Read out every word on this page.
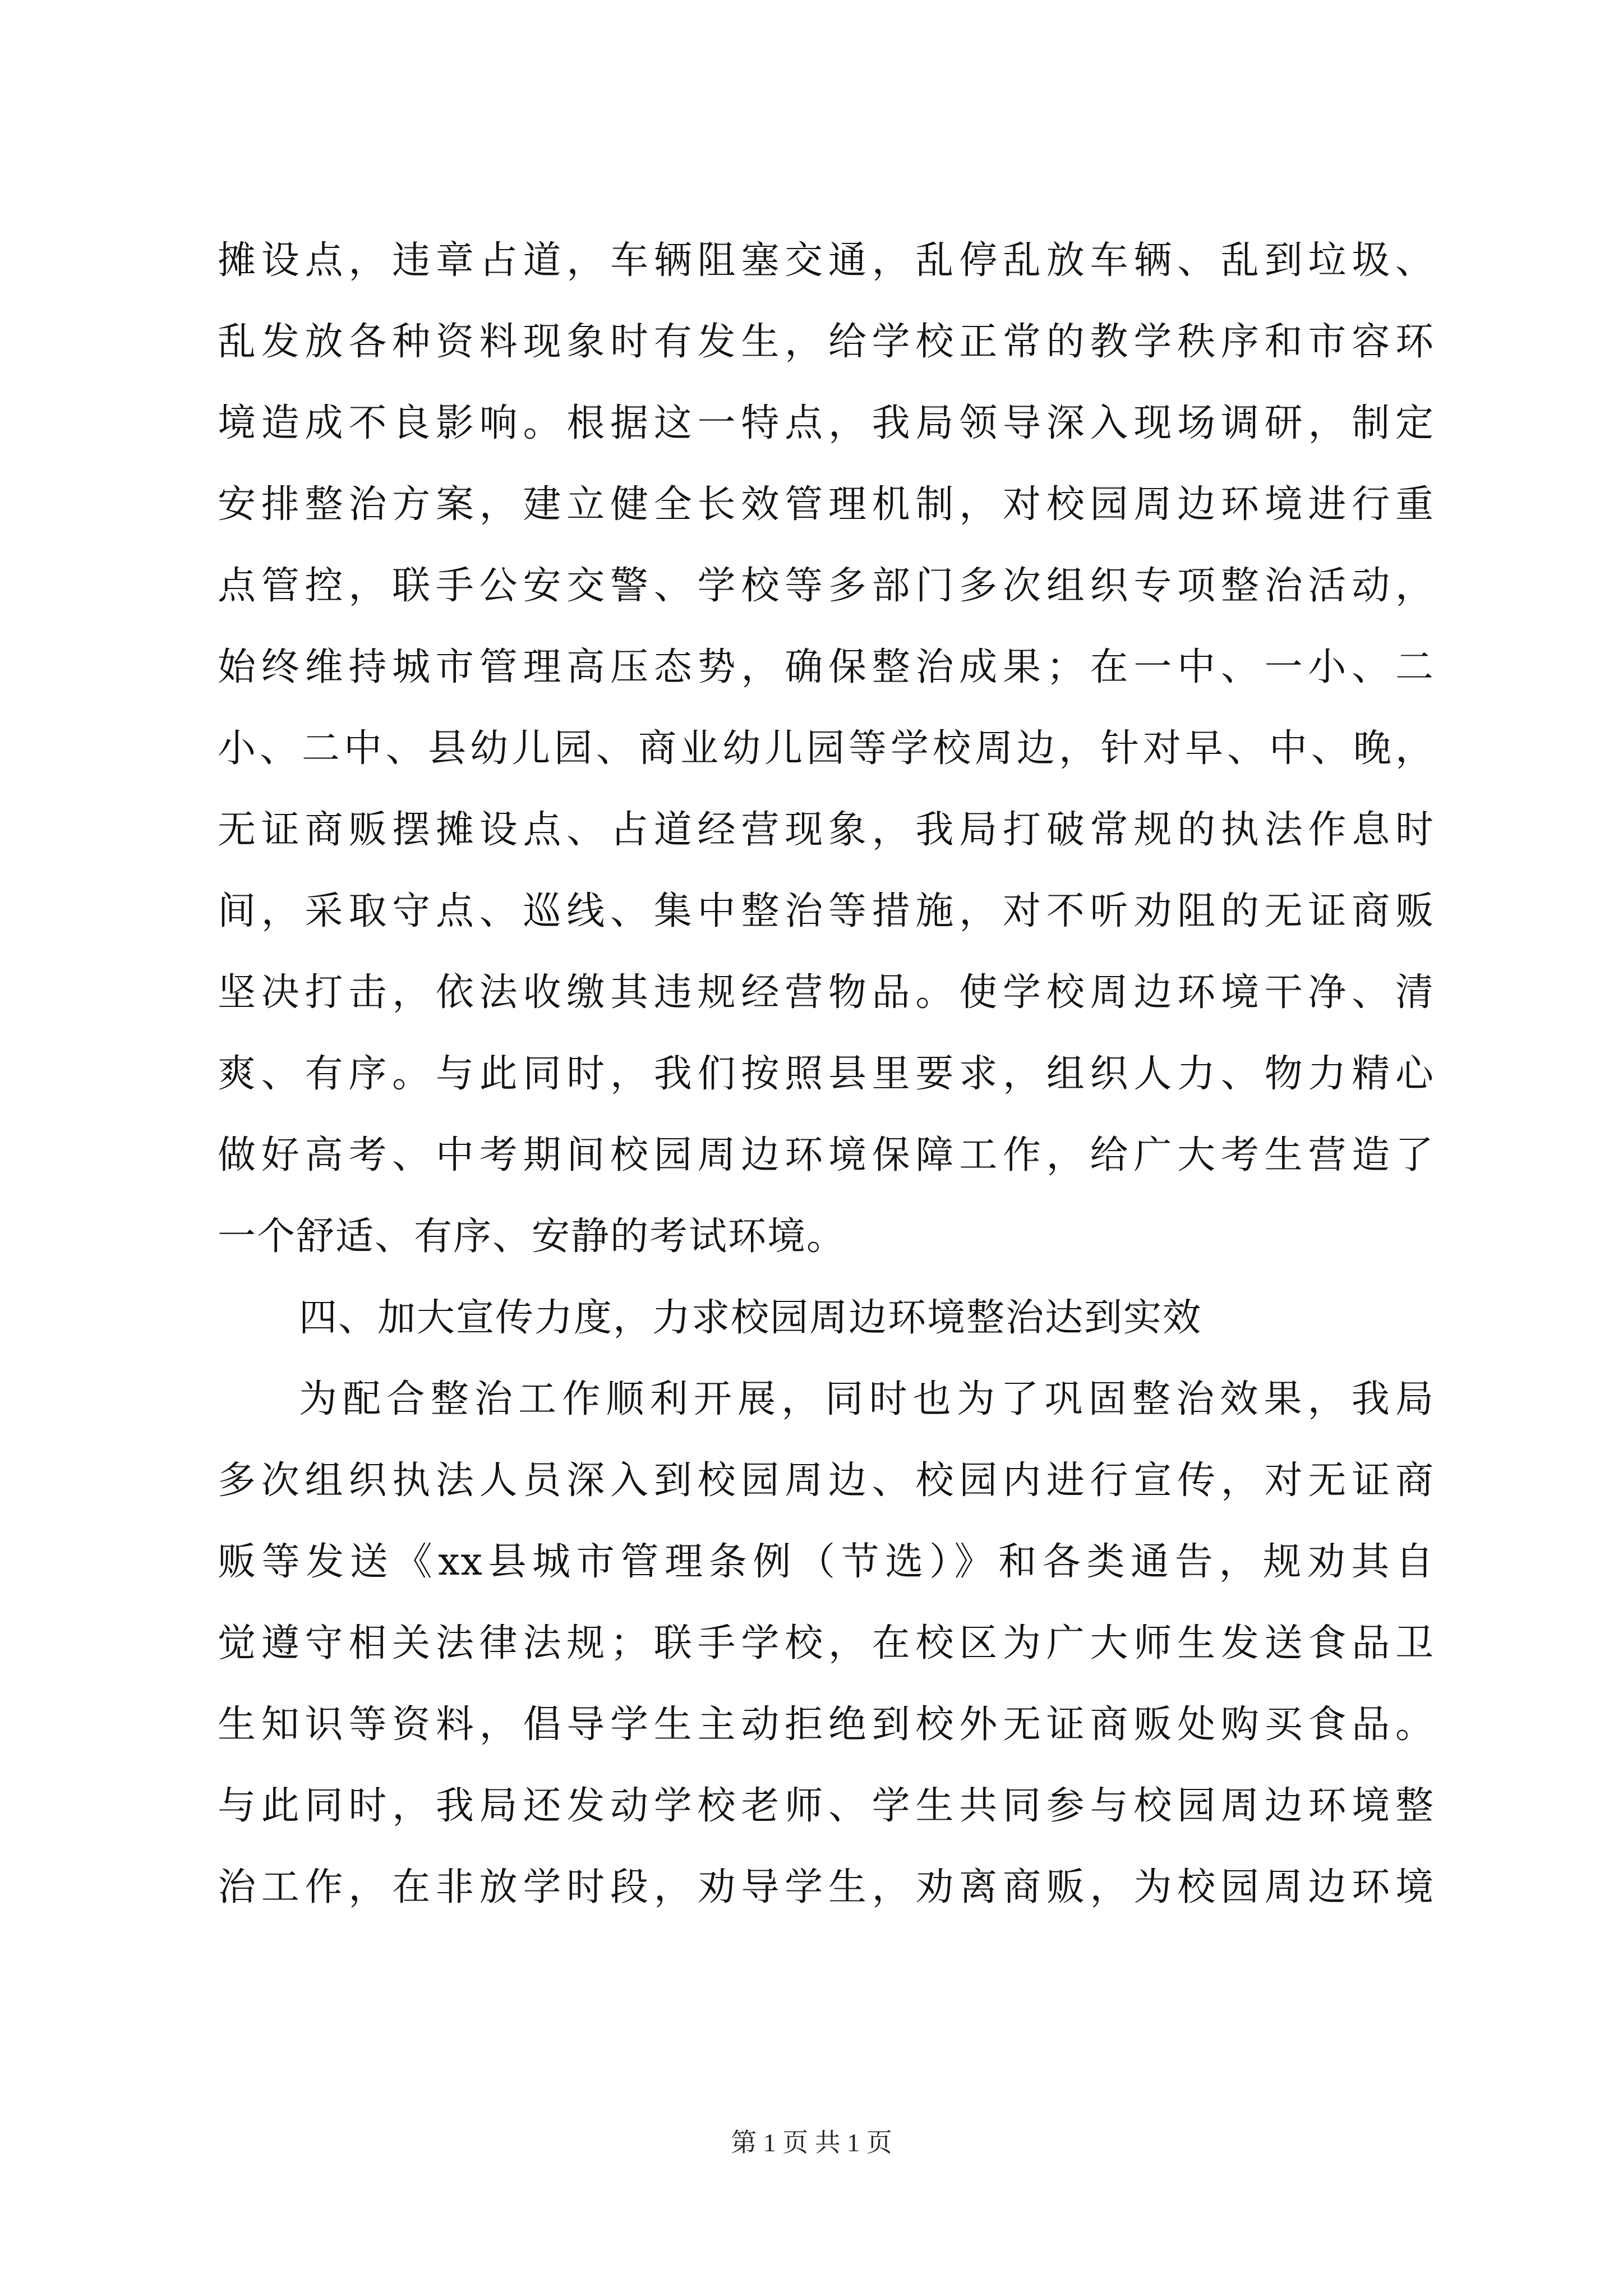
摊设点，违章占道，车辆阻塞交通，乱停乱放车辆、乱到垃圾、
乱发放各种资料现象时有发生，给学校正常的教学秩序和市容环
境造成不良影响。根据这一特点，我局领导深入现场调研，制定
安排整治方案，建立健全长效管理机制，对校园周边环境进行重
点管控，联手公安交警、学校等多部门多次组织专项整治活动，
始终维持城市管理高压态势，确保整治成果；在一中、一小、二
小、二中、县幼儿园、商业幼儿园等学校周边，针对早、中、晚，
无证商贩摆摊设点、占道经营现象，我局打破常规的执法作息时
间，采取守点、巡线、集中整治等措施，对不听劝阻的无证商贩
坚决打击，依法收缴其违规经营物品。使学校周边环境干净、清
爽、有序。与此同时，我们按照县里要求，组织人力、物力精心
做好高考、中考期间校园周边环境保障工作，给广大考生营造了
一个舒适、有序、安静的考试环境。
四、加大宣传力度，力求校园周边环境整治达到实效
为配合整治工作顺利开展，同时也为了巩固整治效果，我局
多次组织执法人员深入到校园周边、校园内进行宣传，对无证商
贩等发送《xx县城市管理条例（节选）》和各类通告，规劝其自
觉遵守相关法律法规；联手学校，在校区为广大师生发送食品卫
生知识等资料，倡导学生主动拒绝到校外无证商贩处购买食品。
与此同时，我局还发动学校老师、学生共同参与校园周边环境整
治工作，在非放学时段，劝导学生，劝离商贩，为校园周边环境
第 1 页 共 1 页
